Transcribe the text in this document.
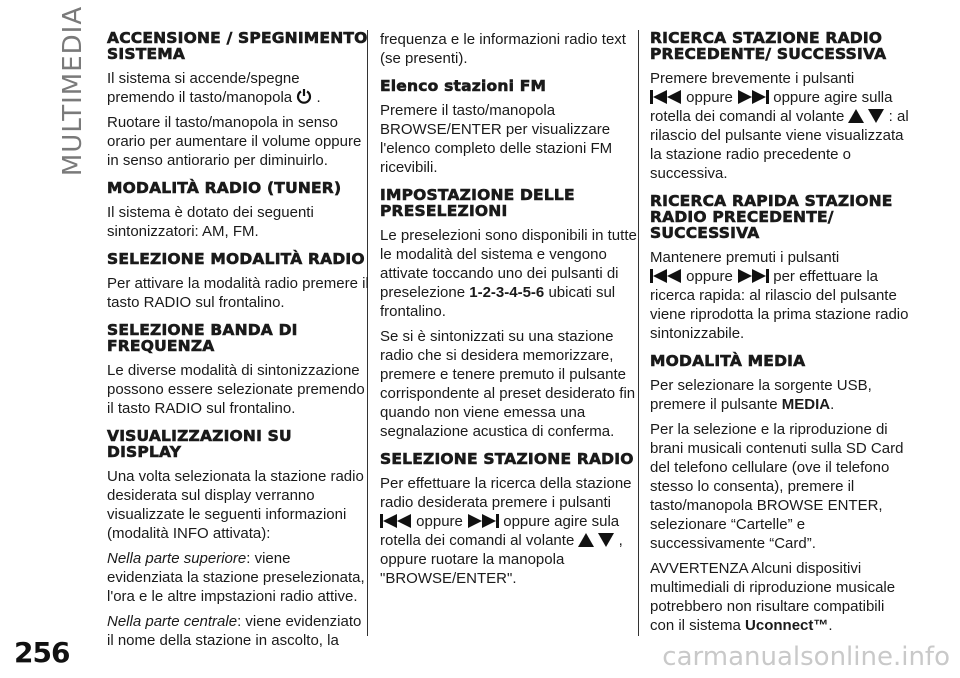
MULTIMEDIA ACCENSIONE / SPEGNIMENTO SISTEMA

Il sistema si accende/spegne premendo il tasto/manopola .

Ruotare il tasto/manopola in senso orario per aumentare il volume oppure in senso antiorario per diminuirlo.

MODALITÀ RADIO (TUNER)

Il sistema è dotato dei seguenti sintonizzatori: AM, FM.

SELEZIONE MODALITÀ RADIO

Per attivare la modalità radio premere il tasto RADIO sul frontalino.

SELEZIONE BANDA DI FREQUENZA

Le diverse modalità di sintonizzazione possono essere selezionate premendo il tasto RADIO sul frontalino.

VISUALIZZAZIONI SU DISPLAY

Una volta selezionata la stazione radio desiderata sul display verranno visualizzate le seguenti informazioni (modalità INFO attivata):

Nella parte superiore: viene evidenziata la stazione preselezionata, l'ora e le altre impstazioni radio attive.

Nella parte centrale: viene evidenziato il nome della stazione in ascolto, la

frequenza e le informazioni radio text (se presenti).

Elenco stazioni FM

Premere il tasto/manopola BROWSE/ENTER per visualizzare l'elenco completo delle stazioni FM ricevibili.

IMPOSTAZIONE DELLE PRESELEZIONI

Le preselezioni sono disponibili in tutte le modalità del sistema e vengono attivate toccando uno dei pulsanti di preselezione 1-2-3-4-5-6 ubicati sul frontalino.

Se si è sintonizzati su una stazione radio che si desidera memorizzare, premere e tenere premuto il pulsante corrispondente al preset desiderato fin quando non viene emessa una segnalazione acustica di conferma.

SELEZIONE STAZIONE RADIO

Per effettuare la ricerca della stazione radio desiderata premere i pulsanti

oppure	oppure agire sula rotella dei comandi al volante	, oppure ruotare la manopola "BROWSE/ENTER".

RICERCA STAZIONE RADIO PRECEDENTE/ SUCCESSIVA

Premere brevemente i pulsanti

oppure	oppure agire sulla rotella dei comandi al volante	: al rilascio del pulsante viene visualizzata la stazione radio precedente o successiva.

RICERCA RAPIDA STAZIONE RADIO PRECEDENTE/ SUCCESSIVA

Mantenere premuti i pulsanti

oppure	per effettuare la ricerca rapida: al rilascio del pulsante viene riprodotta la prima stazione radio sintonizzabile.

MODALITÀ MEDIA

Per selezionare la sorgente USB, premere il pulsante MEDIA.

Per la selezione e la riproduzione di brani musicali contenuti sulla SD Card del telefono cellulare (ove il telefono stesso lo consenta), premere il tasto/manopola BROWSE ENTER, selezionare “Cartelle” e successivamente “Card”.

AVVERTENZA Alcuni dispositivi multimediali di riproduzione musicale potrebbero non risultare compatibili con il sistema Uconnect™.

256	carmanualsonline.info
